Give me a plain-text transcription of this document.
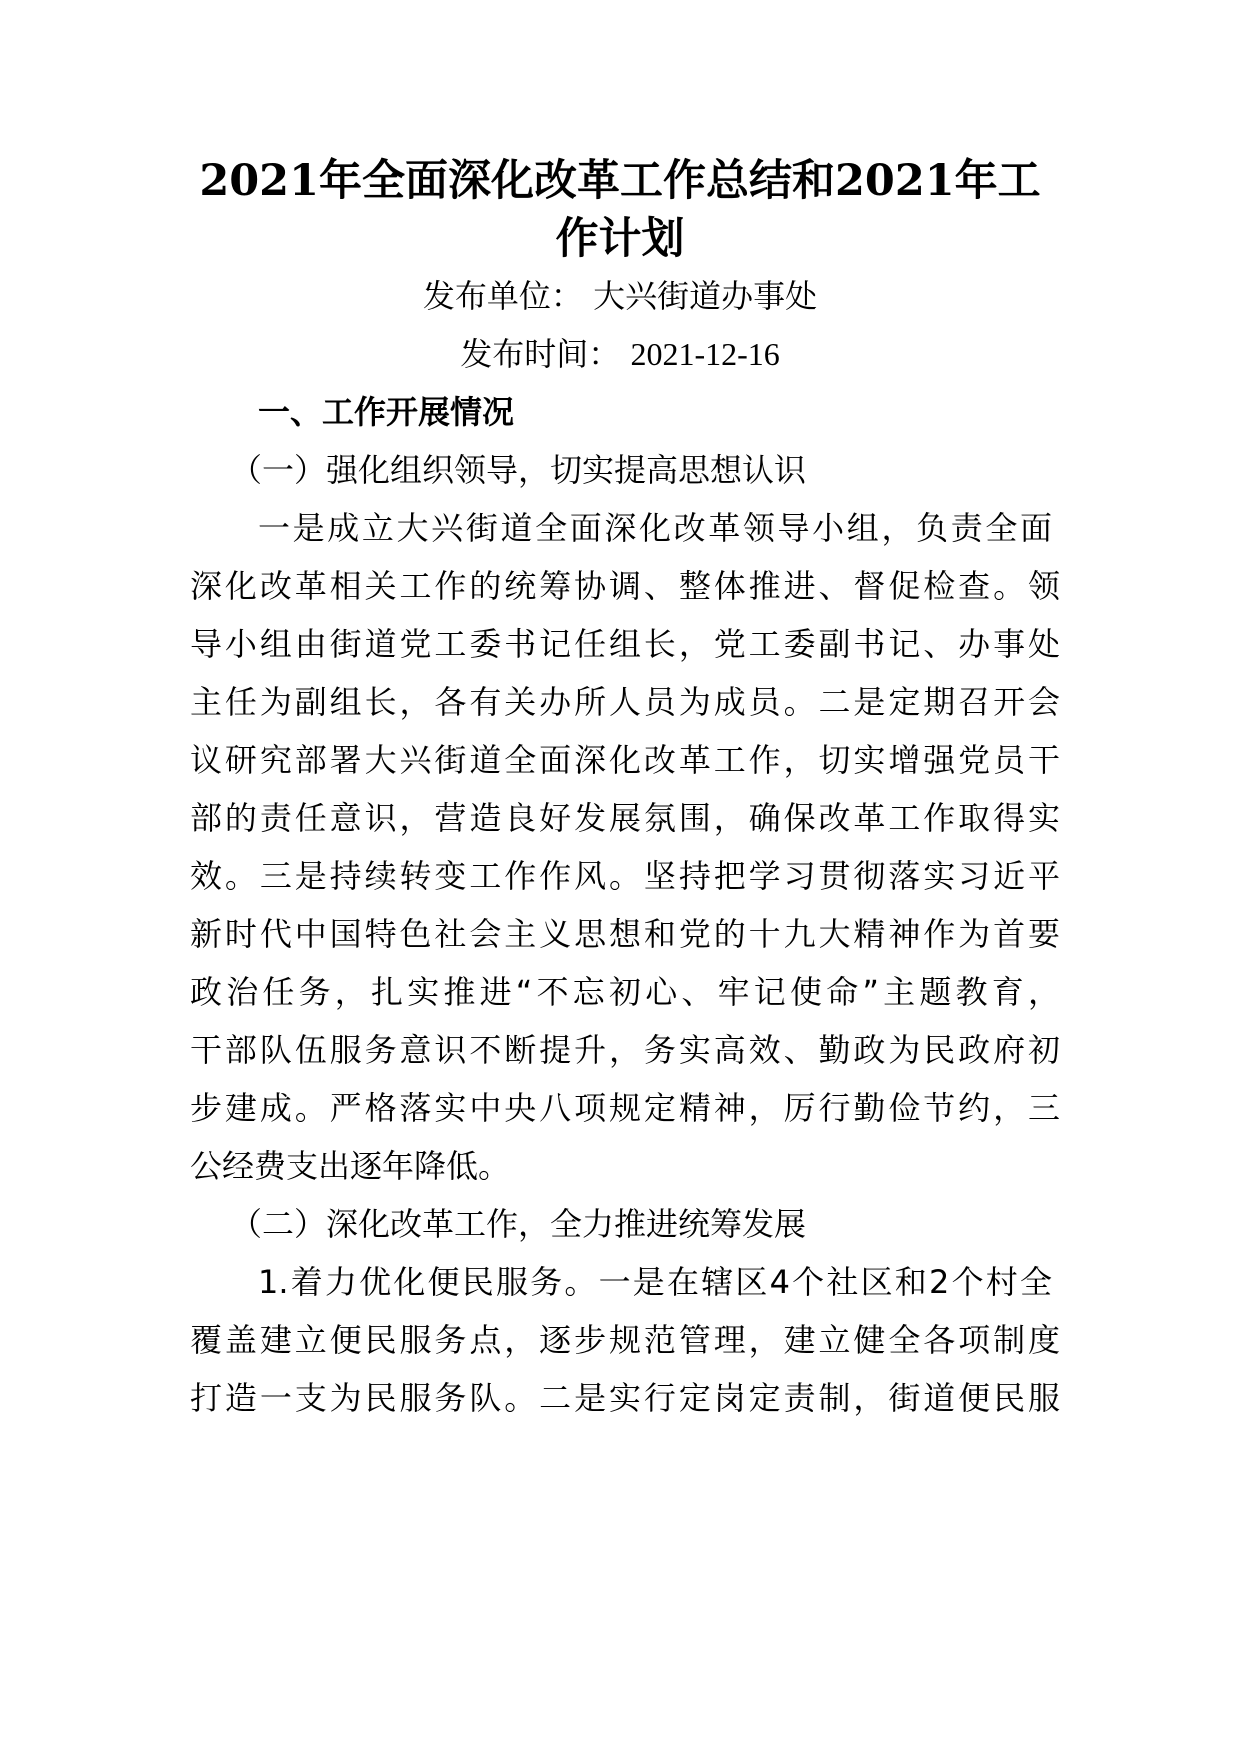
2021年全面深化改革工作总结和2021年工
作计划
发布单位： 大兴街道办事处
发布时间： 2021-12-16
一、工作开展情况
（一）强化组织领导，切实提高思想认识
一是成立大兴街道全面深化改革领导小组，负责全面
深化改革相关工作的统筹协调、整体推进、督促检查。领
导小组由街道党工委书记任组长，党工委副书记、办事处
主任为副组长，各有关办所人员为成员。二是定期召开会
议研究部署大兴街道全面深化改革工作，切实增强党员干
部的责任意识，营造良好发展氛围，确保改革工作取得实
效。三是持续转变工作作风。坚持把学习贯彻落实习近平
新时代中国特色社会主义思想和党的十九大精神作为首要
政治任务，扎实推进“不忘初心、牢记使命”主题教育，
干部队伍服务意识不断提升，务实高效、勤政为民政府初
步建成。严格落实中央八项规定精神，厉行勤俭节约，三
公经费支出逐年降低。
（二）深化改革工作，全力推进统筹发展
1.着力优化便民服务。一是在辖区4个社区和2个村全
覆盖建立便民服务点，逐步规范管理，建立健全各项制度
打造一支为民服务队。二是实行定岗定责制，街道便民服
